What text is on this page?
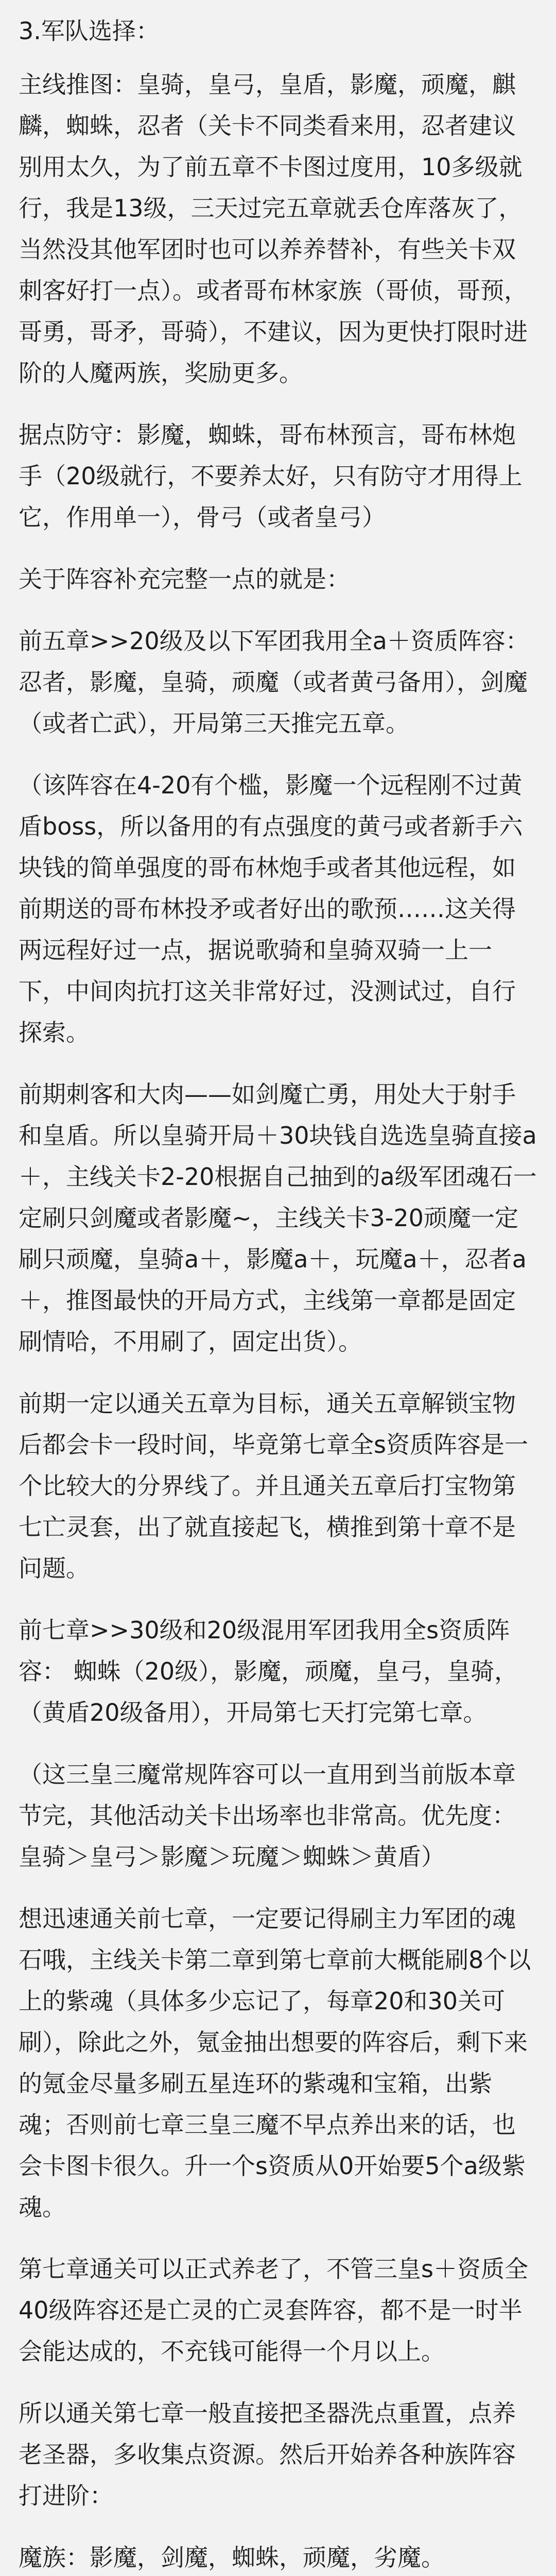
3.军队选择：

主线推图：皇骑，皇弓，皇盾，影魔，顽魔，麒麟，蜘蛛，忍者（关卡不同类看来用，忍者建议别用太久，为了前五章不卡图过度用，10多级就行，我是13级，三天过完五章就丢仓库落灰了，当然没其他军团时也可以养养替补，有些关卡双刺客好打一点）。或者哥布林家族（哥侦，哥预，哥勇，哥矛，哥骑），不建议，因为更快打限时进阶的人魔两族，奖励更多。

据点防守：影魔，蜘蛛，哥布林预言，哥布林炮手（20级就行，不要养太好，只有防守才用得上它，作用单一），骨弓（或者皇弓）

关于阵容补充完整一点的就是：

前五章>>20级及以下军团我用全a＋资质阵容： 忍者，影魔，皇骑，顽魔（或者黄弓备用），剑魔（或者亡武），开局第三天推完五章。

（该阵容在4-20有个槛，影魔一个远程刚不过黄盾boss，所以备用的有点强度的黄弓或者新手六块钱的简单强度的哥布林炮手或者其他远程，如前期送的哥布林投矛或者好出的歌预……这关得两远程好过一点，据说歌骑和皇骑双骑一上一下，中间肉抗打这关非常好过，没测试过，自行探索。

前期刺客和大肉——如剑魔亡勇，用处大于射手和皇盾。所以皇骑开局＋30块钱自选选皇骑直接a＋，主线关卡2-20根据自己抽到的a级军团魂石一定刷只剑魔或者影魔~，主线关卡3-20顽魔一定刷只顽魔，皇骑a＋，影魔a＋，玩魔a＋，忍者a＋，推图最快的开局方式，主线第一章都是固定刷情哈，不用刷了，固定出货）。

前期一定以通关五章为目标，通关五章解锁宝物后都会卡一段时间，毕竟第七章全s资质阵容是一个比较大的分界线了。并且通关五章后打宝物第七亡灵套，出了就直接起飞，横推到第十章不是问题。

前七章>>30级和20级混用军团我用全s资质阵容： 蜘蛛（20级），影魔，顽魔，皇弓，皇骑，（黄盾20级备用），开局第七天打完第七章。

（这三皇三魔常规阵容可以一直用到当前版本章节完，其他活动关卡出场率也非常高。优先度：皇骑＞皇弓＞影魔＞玩魔＞蜘蛛＞黄盾）

想迅速通关前七章，一定要记得刷主力军团的魂石哦，主线关卡第二章到第七章前大概能刷8个以上的紫魂（具体多少忘记了，每章20和30关可刷），除此之外，氪金抽出想要的阵容后，剩下来的氪金尽量多刷五星连环的紫魂和宝箱，出紫魂；否则前七章三皇三魔不早点养出来的话，也会卡图卡很久。升一个s资质从0开始要5个a级紫魂。

第七章通关可以正式养老了，不管三皇s＋资质全40级阵容还是亡灵的亡灵套阵容，都不是一时半会能达成的，不充钱可能得一个月以上。

所以通关第七章一般直接把圣器洗点重置，点养老圣器，多收集点资源。然后开始养各种族阵容打进阶：

魔族：影魔，剑魔，蜘蛛，顽魔，劣魔。
